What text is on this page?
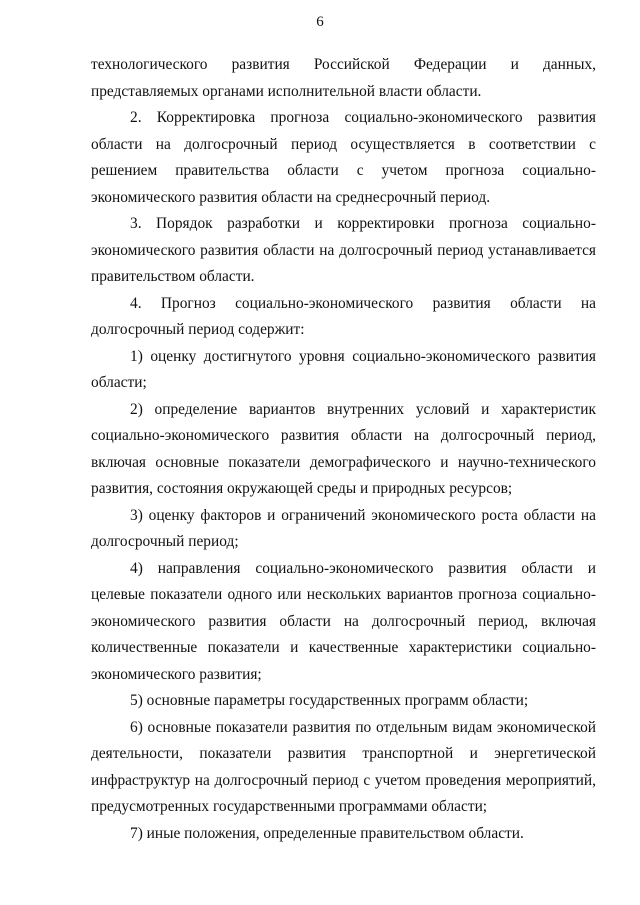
6

технологического развития Российской Федерации и данных, представляемых органами исполнительной власти области.

2. Корректировка прогноза социально-экономического развития области на долгосрочный период осуществляется в соответствии с решением правительства области с учетом прогноза социально-экономического развития области на среднесрочный период.

3. Порядок разработки и корректировки прогноза социально-экономического развития области на долгосрочный период устанавливается правительством области.

4. Прогноз социально-экономического развития области на долгосрочный период содержит:

1) оценку достигнутого уровня социально-экономического развития области;

2) определение вариантов внутренних условий и характеристик социально-экономического развития области на долгосрочный период, включая основные показатели демографического и научно-технического развития, состояния окружающей среды и природных ресурсов;

3) оценку факторов и ограничений экономического роста области на долгосрочный период;

4) направления социально-экономического развития области и целевые показатели одного или нескольких вариантов прогноза социально-экономического развития области на долгосрочный период, включая количественные показатели и качественные характеристики социально-экономического развития;

5) основные параметры государственных программ области;

6) основные показатели развития по отдельным видам экономической деятельности, показатели развития транспортной и энергетической инфраструктур на долгосрочный период с учетом проведения мероприятий, предусмотренных государственными программами области;

7) иные положения, определенные правительством области.
